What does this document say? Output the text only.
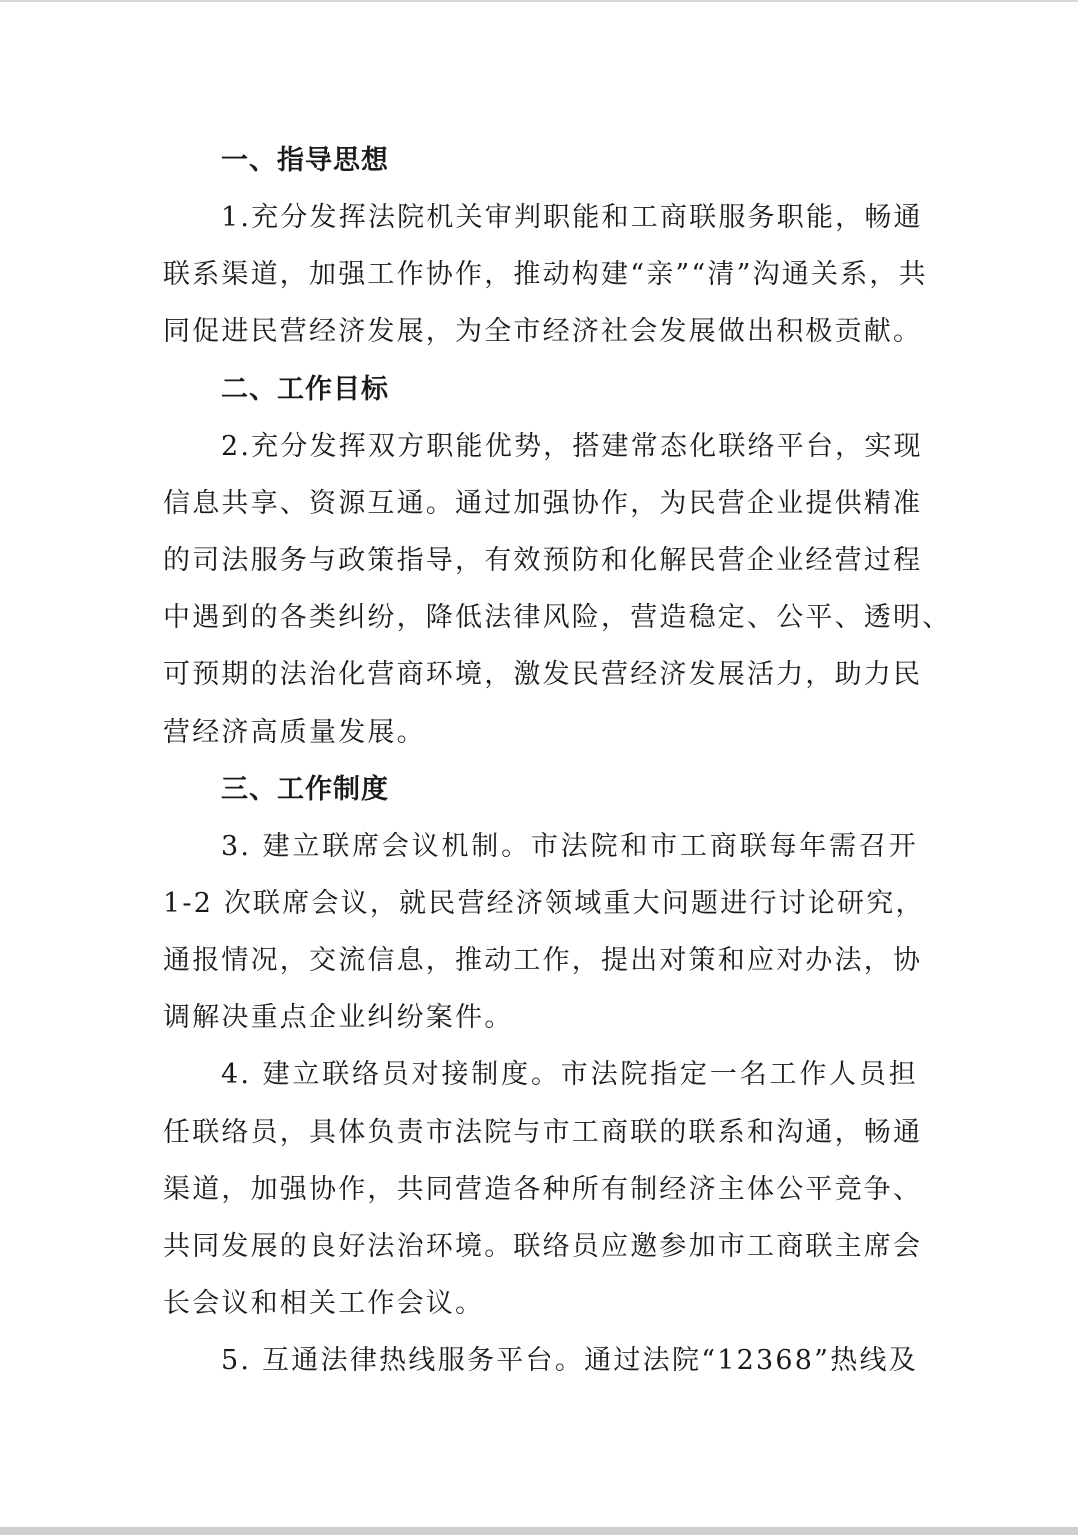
一、指导思想
1.充分发挥法院机关审判职能和工商联服务职能，畅通
联系渠道，加强工作协作，推动构建“亲”“清”沟通关系，共
同促进民营经济发展，为全市经济社会发展做出积极贡献。
二、工作目标
2.充分发挥双方职能优势，搭建常态化联络平台，实现
信息共享、资源互通。通过加强协作，为民营企业提供精准
的司法服务与政策指导，有效预防和化解民营企业经营过程
中遇到的各类纠纷，降低法律风险，营造稳定、公平、透明、
可预期的法治化营商环境，激发民营经济发展活力，助力民
营经济高质量发展。
三、工作制度
3. 建立联席会议机制。市法院和市工商联每年需召开
1-2 次联席会议，就民营经济领域重大问题进行讨论研究，
通报情况，交流信息，推动工作，提出对策和应对办法，协
调解决重点企业纠纷案件。
4. 建立联络员对接制度。市法院指定一名工作人员担
任联络员，具体负责市法院与市工商联的联系和沟通，畅通
渠道，加强协作，共同营造各种所有制经济主体公平竞争、
共同发展的良好法治环境。联络员应邀参加市工商联主席会
长会议和相关工作会议。
5. 互通法律热线服务平台。通过法院“12368”热线及
